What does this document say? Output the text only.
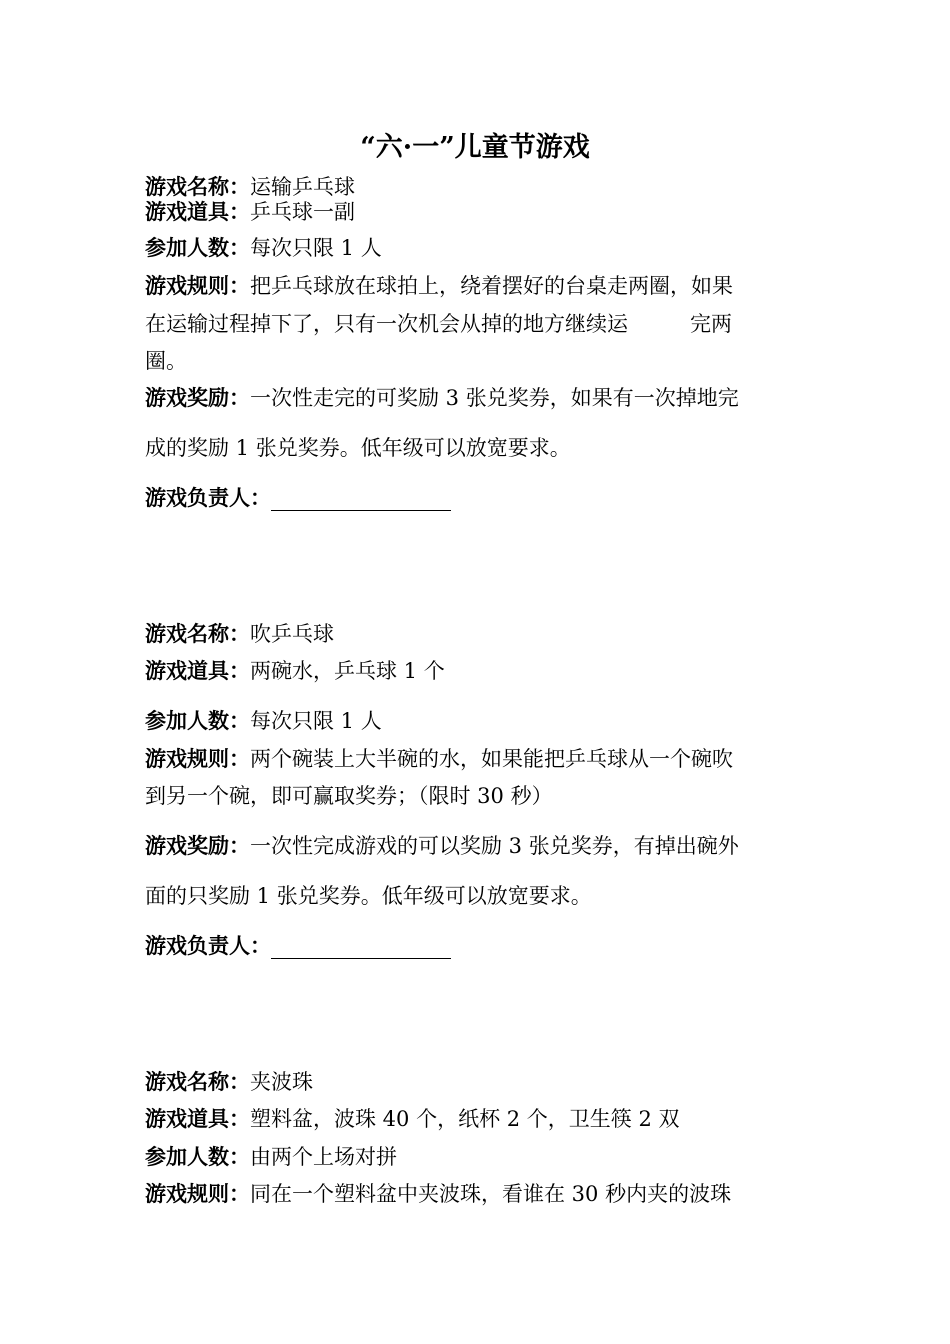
“六·一”儿童节游戏
游戏名称：运输乒乓球
游戏道具：乒乓球一副
参加人数：每次只限 1 人
游戏规则：把乒乓球放在球拍上，绕着摆好的台桌走两圈，如果
在运输过程掉下了，只有一次机会从掉的地方继续运	完两
圈。
游戏奖励：一次性走完的可奖励 3 张兑奖券，如果有一次掉地完
成的奖励 1 张兑奖券。低年级可以放宽要求。
游戏负责人：
游戏名称：吹乒乓球
游戏道具：两碗水，乒乓球 1 个
参加人数：每次只限 1 人
游戏规则：两个碗装上大半碗的水，如果能把乒乓球从一个碗吹
到另一个碗，即可赢取奖券；（限时 30 秒）
游戏奖励：一次性完成游戏的可以奖励 3 张兑奖券，有掉出碗外
面的只奖励 1 张兑奖券。低年级可以放宽要求。
游戏负责人：
游戏名称：夹波珠
游戏道具：塑料盆，波珠 40 个，纸杯 2 个，卫生筷 2 双
参加人数：由两个上场对拼
游戏规则：同在一个塑料盆中夹波珠，看谁在 30 秒内夹的波珠
